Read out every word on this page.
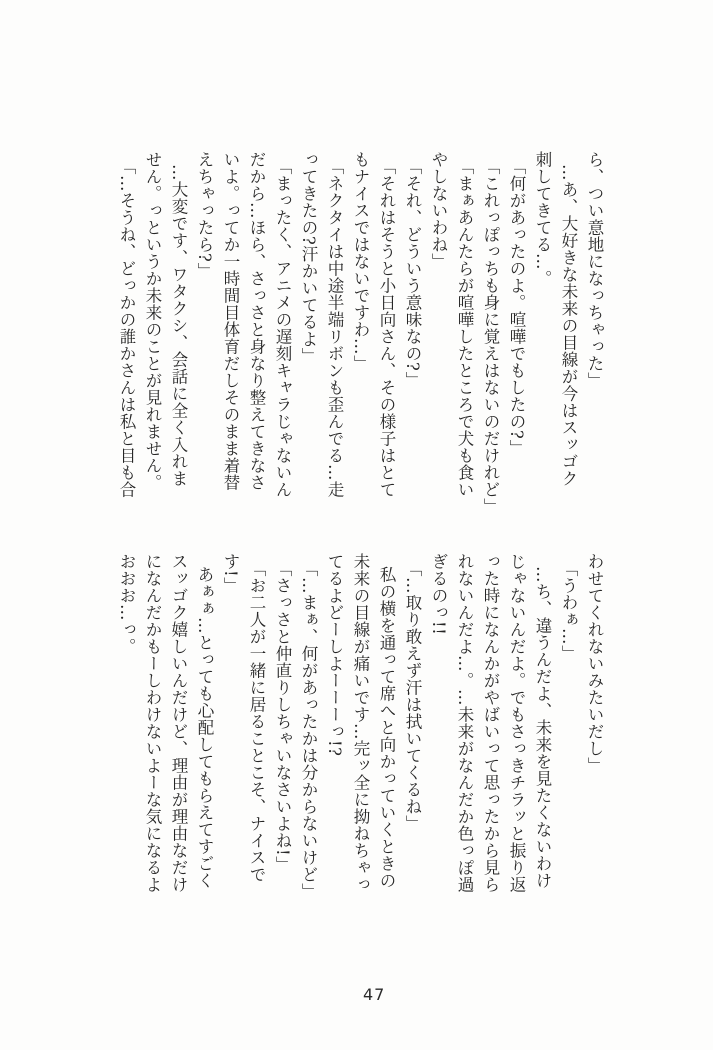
ら、つい意地になっちゃった」
…あ、大好きな未来の目線が今はスッゴク
刺してきてる…。
「何があったのよ。喧嘩でもしたの?」
「これっぽっちも身に覚えはないのだけれど」
「まぁあんたらが喧嘩したところで犬も食い
やしないわね」
「それ、どういう意味なの?」
「それはそうと小日向さん、その様子はとて
もナイスではないですわ…」
「ネクタイは中途半端リボンも歪んでる…走
ってきたの?汗かいてるよ」
「まったく、アニメの遅刻キャラじゃないん
だから…ほら、さっさと身なり整えてきなさ
いよ。ってか一時間目体育だしそのまま着替
えちゃったら?」
…大変です、ワタクシ、会話に全く入れま
せん。っというか未来のことが見れません。
「…そうね、どっかの誰かさんは私と目も合
わせてくれないみたいだし」
「うわぁ…」
…ち、違うんだよ、未来を見たくないわけ
じゃないんだよ。でもさっきチラッと振り返
った時になんかがやばいって思ったから見ら
れないんだよ…。…未来がなんだか色っぽ過
ぎるのっ!!
「…取り敢えず汗は拭いてくるね」
私の横を通って席へと向かっていくときの
未来の目線が痛いです…完ッ全に拗ねちゃっ
てるよどーしよーーーっ!?
「…まぁ、何があったかは分からないけど」
「さっさと仲直りしちゃいなさいよね!」
「お二人が一緒に居ることこそ、ナイスで
す!」
あぁぁ…とっても心配してもらえてすごく
スッゴク嬉しいんだけど、理由が理由なだけ
になんだかもーしわけないよーな気になるよ
おおお…っ。
47
